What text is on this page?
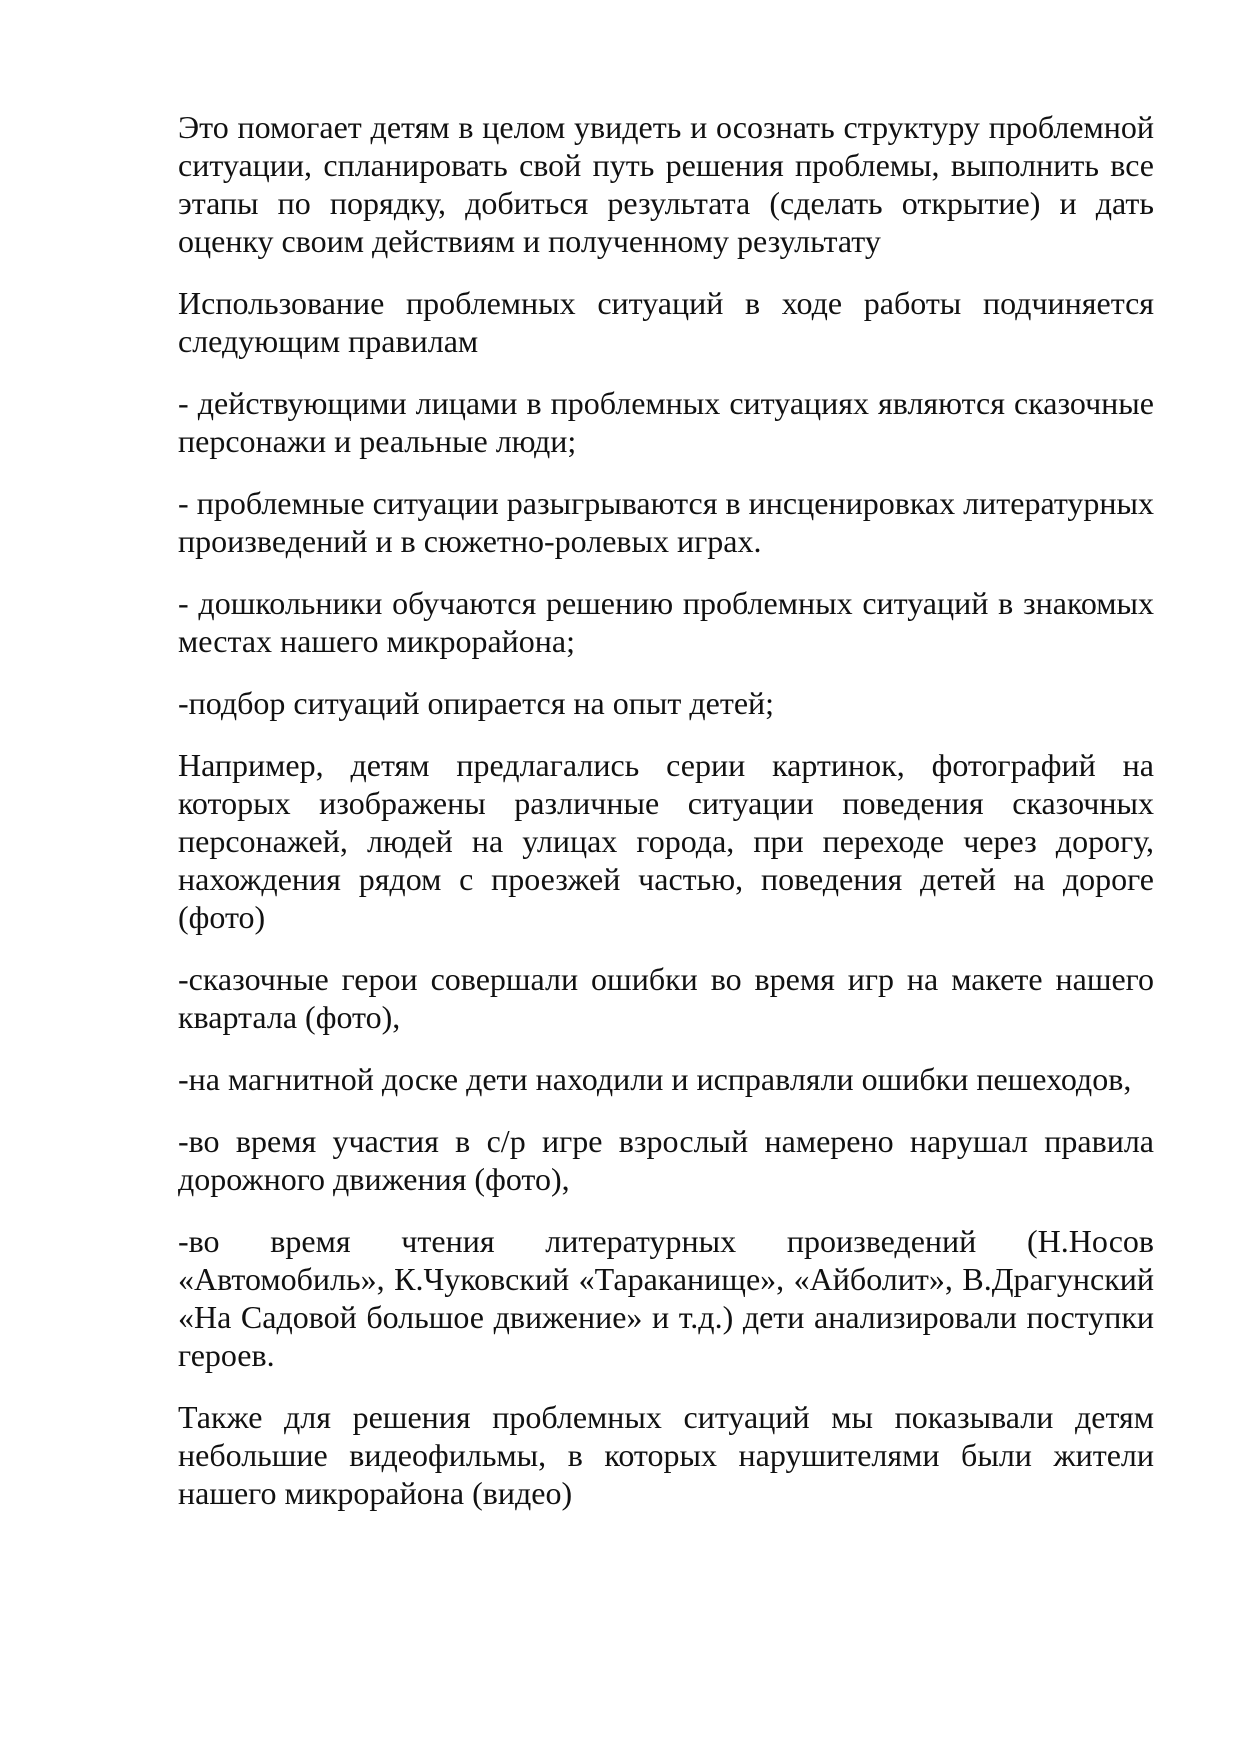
Это помогает детям в целом увидеть и осознать структуру проблемной ситуации, спланировать свой путь решения проблемы, выполнить все этапы по порядку, добиться результата (сделать открытие) и дать оценку своим действиям и полученному результату

Использование проблемных ситуаций в ходе работы подчиняется следующим правилам

- действующими лицами в проблемных ситуациях являются сказочные персонажи и реальные люди;

- проблемные ситуации разыгрываются в инсценировках литературных произведений и в сюжетно-ролевых играх.

- дошкольники обучаются решению проблемных ситуаций в знакомых местах нашего микрорайона;

-подбор ситуаций опирается на опыт детей;

Например, детям предлагались серии картинок, фотографий на которых изображены различные ситуации поведения сказочных персонажей, людей на улицах города, при переходе через дорогу, нахождения рядом с проезжей частью, поведения детей на дороге (фото)

-сказочные герои совершали ошибки во время игр на макете нашего квартала (фото),

-на магнитной доске дети находили и исправляли ошибки пешеходов,

-во время участия в с/р игре взрослый намерено нарушал правила дорожного движения (фото),

-во время чтения литературных произведений (Н.Носов «Автомобиль», К.Чуковский «Тараканище», «Айболит», В.Драгунский «На Садовой большое движение» и т.д.) дети анализировали поступки героев.

Также для решения проблемных ситуаций мы показывали детям небольшие видеофильмы, в которых нарушителями были жители нашего микрорайона (видео)
